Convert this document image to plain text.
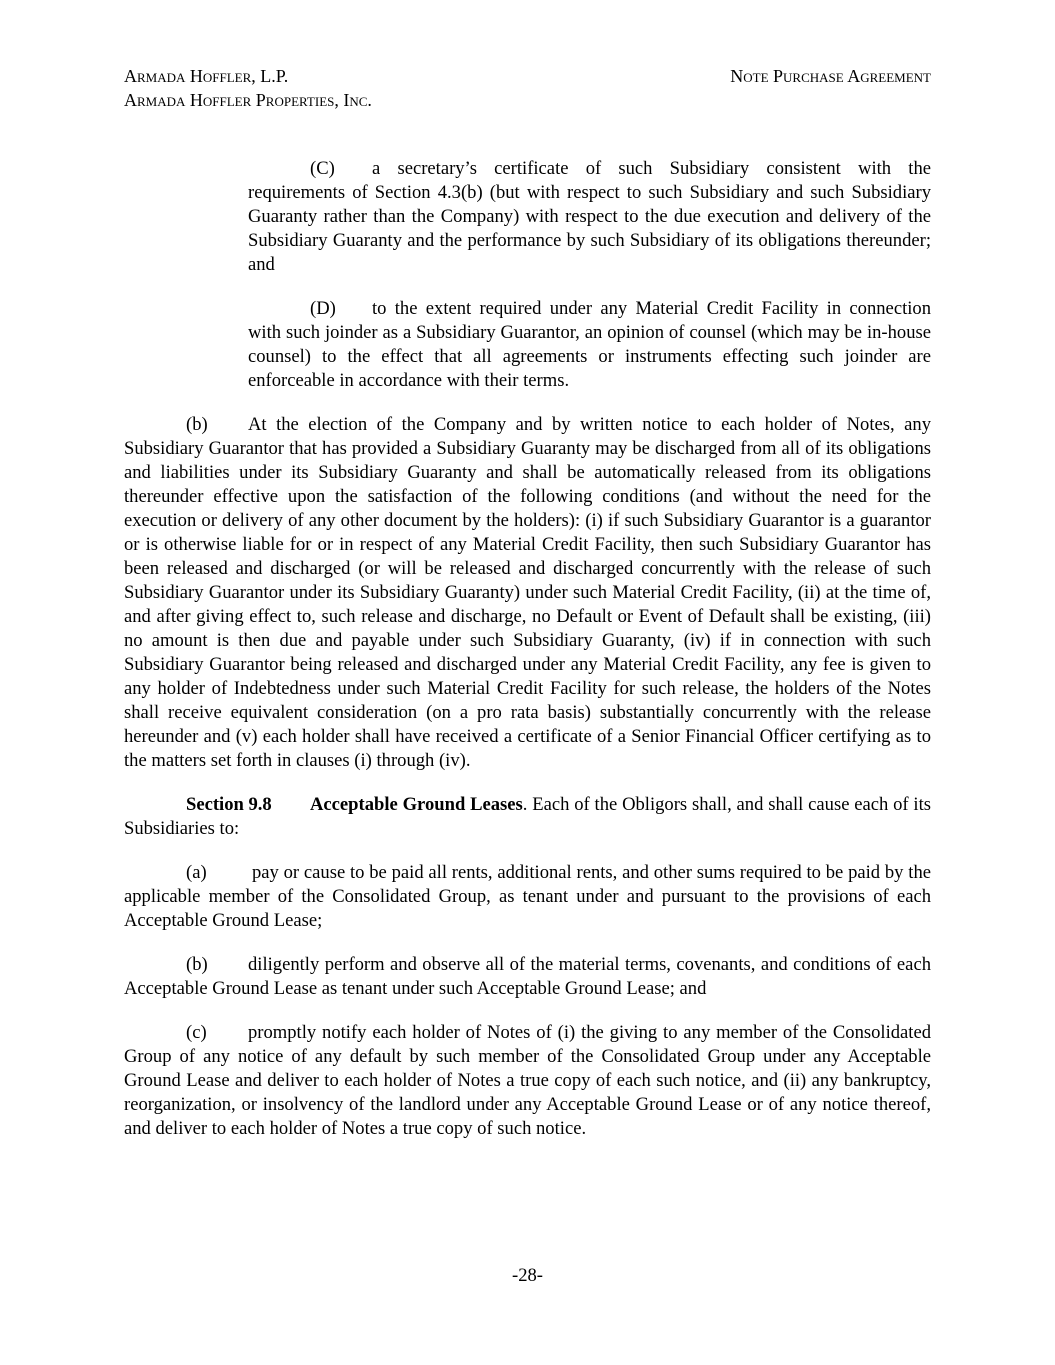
Armada Hoffler, L.P.
Armada Hoffler Properties, Inc.
Note Purchase Agreement

(C) a secretary’s certificate of such Subsidiary consistent with the requirements of Section 4.3(b) (but with respect to such Subsidiary and such Subsidiary Guaranty rather than the Company) with respect to the due execution and delivery of the Subsidiary Guaranty and the performance by such Subsidiary of its obligations thereunder; and

(D) to the extent required under any Material Credit Facility in connection with such joinder as a Subsidiary Guarantor, an opinion of counsel (which may be in-house counsel) to the effect that all agreements or instruments effecting such joinder are enforceable in accordance with their terms.

(b) At the election of the Company and by written notice to each holder of Notes, any Subsidiary Guarantor that has provided a Subsidiary Guaranty may be discharged from all of its obligations and liabilities under its Subsidiary Guaranty and shall be automatically released from its obligations thereunder effective upon the satisfaction of the following conditions (and without the need for the execution or delivery of any other document by the holders): (i) if such Subsidiary Guarantor is a guarantor or is otherwise liable for or in respect of any Material Credit Facility, then such Subsidiary Guarantor has been released and discharged (or will be released and discharged concurrently with the release of such Subsidiary Guarantor under its Subsidiary Guaranty) under such Material Credit Facility, (ii) at the time of, and after giving effect to, such release and discharge, no Default or Event of Default shall be existing, (iii) no amount is then due and payable under such Subsidiary Guaranty, (iv) if in connection with such Subsidiary Guarantor being released and discharged under any Material Credit Facility, any fee is given to any holder of Indebtedness under such Material Credit Facility for such release, the holders of the Notes shall receive equivalent consideration (on a pro rata basis) substantially concurrently with the release hereunder and (v) each holder shall have received a certificate of a Senior Financial Officer certifying as to the matters set forth in clauses (i) through (iv).

Section 9.8 Acceptable Ground Leases. Each of the Obligors shall, and shall cause each of its Subsidiaries to:

(a) pay or cause to be paid all rents, additional rents, and other sums required to be paid by the applicable member of the Consolidated Group, as tenant under and pursuant to the provisions of each Acceptable Ground Lease;

(b) diligently perform and observe all of the material terms, covenants, and conditions of each Acceptable Ground Lease as tenant under such Acceptable Ground Lease; and

(c) promptly notify each holder of Notes of (i) the giving to any member of the Consolidated Group of any notice of any default by such member of the Consolidated Group under any Acceptable Ground Lease and deliver to each holder of Notes a true copy of each such notice, and (ii) any bankruptcy, reorganization, or insolvency of the landlord under any Acceptable Ground Lease or of any notice thereof, and deliver to each holder of Notes a true copy of such notice.

-28-
